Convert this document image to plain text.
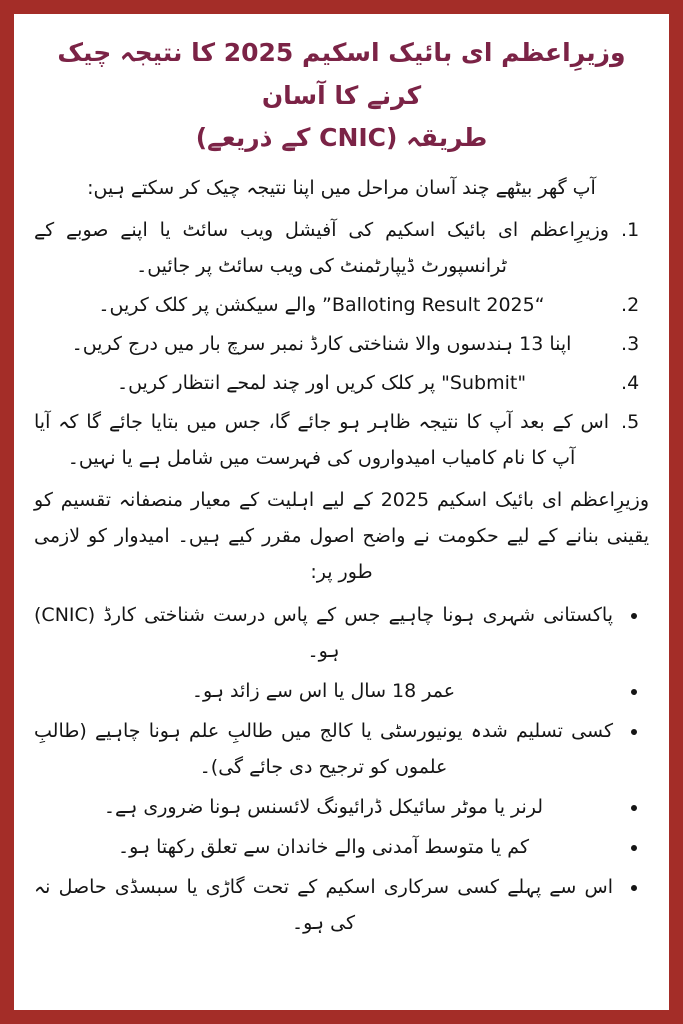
وزیرِاعظم ای بائیک اسکیم 2025 کا نتیجہ چیک کرنے کا آسان
طریقہ (CNIC کے ذریعے)

آپ گھر بیٹھے چند آسان مراحل میں اپنا نتیجہ چیک کر سکتے ہیں:

1. وزیرِاعظم ای بائیک اسکیم کی آفیشل ویب سائٹ یا اپنے صوبے کے ٹرانسپورٹ ڈیپارٹمنٹ کی ویب سائٹ پر جائیں۔
2. “Balloting Result 2025” والے سیکشن پر کلک کریں۔
3. اپنا 13 ہندسوں والا شناختی کارڈ نمبر سرچ بار میں درج کریں۔
4. "Submit" پر کلک کریں اور چند لمحے انتظار کریں۔
5. اس کے بعد آپ کا نتیجہ ظاہر ہو جائے گا، جس میں بتایا جائے گا کہ آیا آپ کا نام کامیاب امیدواروں کی فہرست میں شامل ہے یا نہیں۔

وزیرِاعظم ای بائیک اسکیم 2025 کے لیے اہلیت کے معیار منصفانہ تقسیم کو یقینی بنانے کے لیے حکومت نے واضح اصول مقرر کیے ہیں۔ امیدوار کو لازمی طور پر:

• پاکستانی شہری ہونا چاہیے جس کے پاس درست شناختی کارڈ (CNIC) ہو۔
• عمر 18 سال یا اس سے زائد ہو۔
• کسی تسلیم شدہ یونیورسٹی یا کالج میں طالبِ علم ہونا چاہیے (طالبِ علموں کو ترجیح دی جائے گی)۔
• لرنر یا موٹر سائیکل ڈرائیونگ لائسنس ہونا ضروری ہے۔
• کم یا متوسط آمدنی والے خاندان سے تعلق رکھتا ہو۔
• اس سے پہلے کسی سرکاری اسکیم کے تحت گاڑی یا سبسڈی حاصل نہ کی ہو۔
